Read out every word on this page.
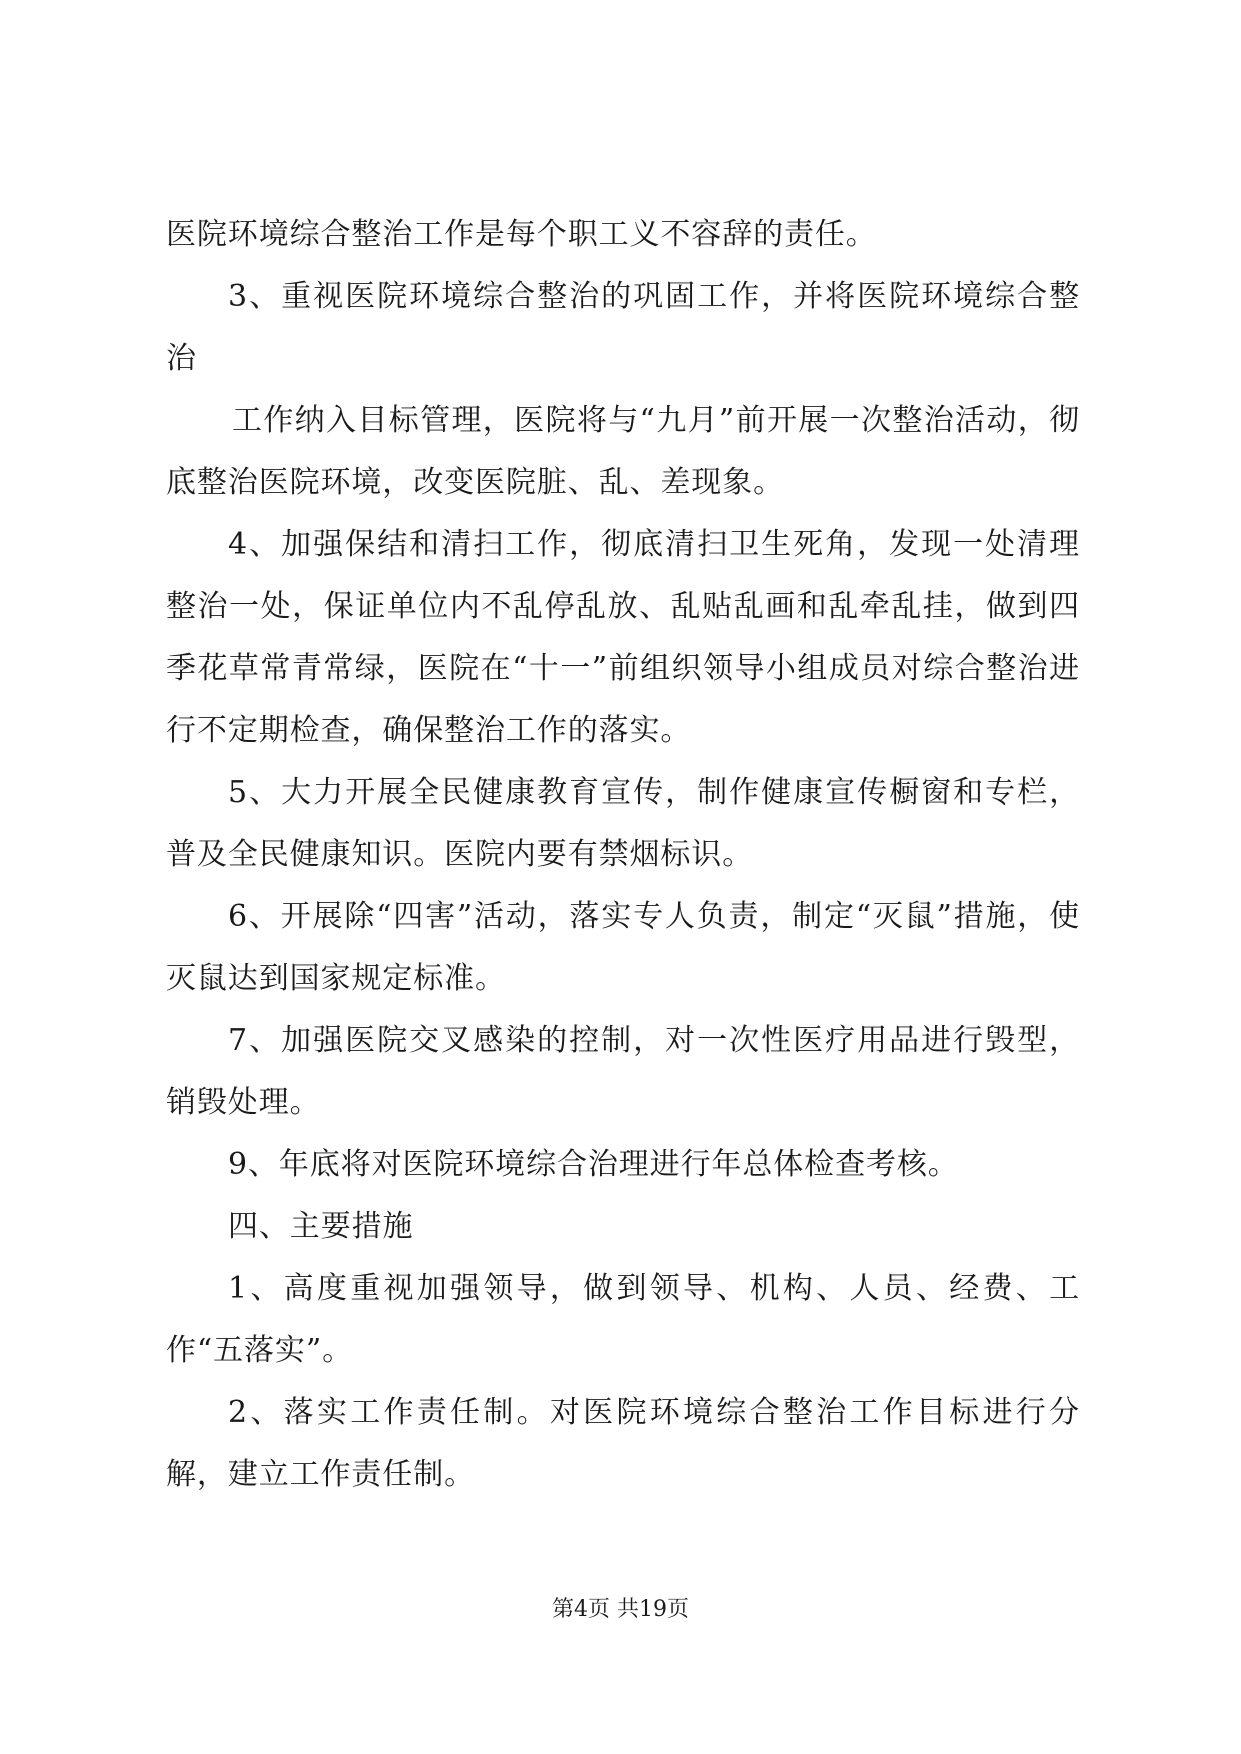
医院环境综合整治工作是每个职工义不容辞的责任。

3、重视医院环境综合整治的巩固工作，并将医院环境综合整治

工作纳入目标管理，医院将与“九月”前开展一次整治活动，彻底整治医院环境，改变医院脏、乱、差现象。

4、加强保结和清扫工作，彻底清扫卫生死角，发现一处清理整治一处，保证单位内不乱停乱放、乱贴乱画和乱牵乱挂，做到四季花草常青常绿，医院在“十一”前组织领导小组成员对综合整治进行不定期检查，确保整治工作的落实。

5、大力开展全民健康教育宣传，制作健康宣传橱窗和专栏，普及全民健康知识。医院内要有禁烟标识。

6、开展除“四害”活动，落实专人负责，制定“灭鼠”措施，使灭鼠达到国家规定标准。

7、加强医院交叉感染的控制，对一次性医疗用品进行毁型，销毁处理。

9、年底将对医院环境综合治理进行年总体检查考核。

四、主要措施

1、高度重视加强领导，做到领导、机构、人员、经费、工作“五落实”。

2、落实工作责任制。对医院环境综合整治工作目标进行分解，建立工作责任制。

第4页 共19页
